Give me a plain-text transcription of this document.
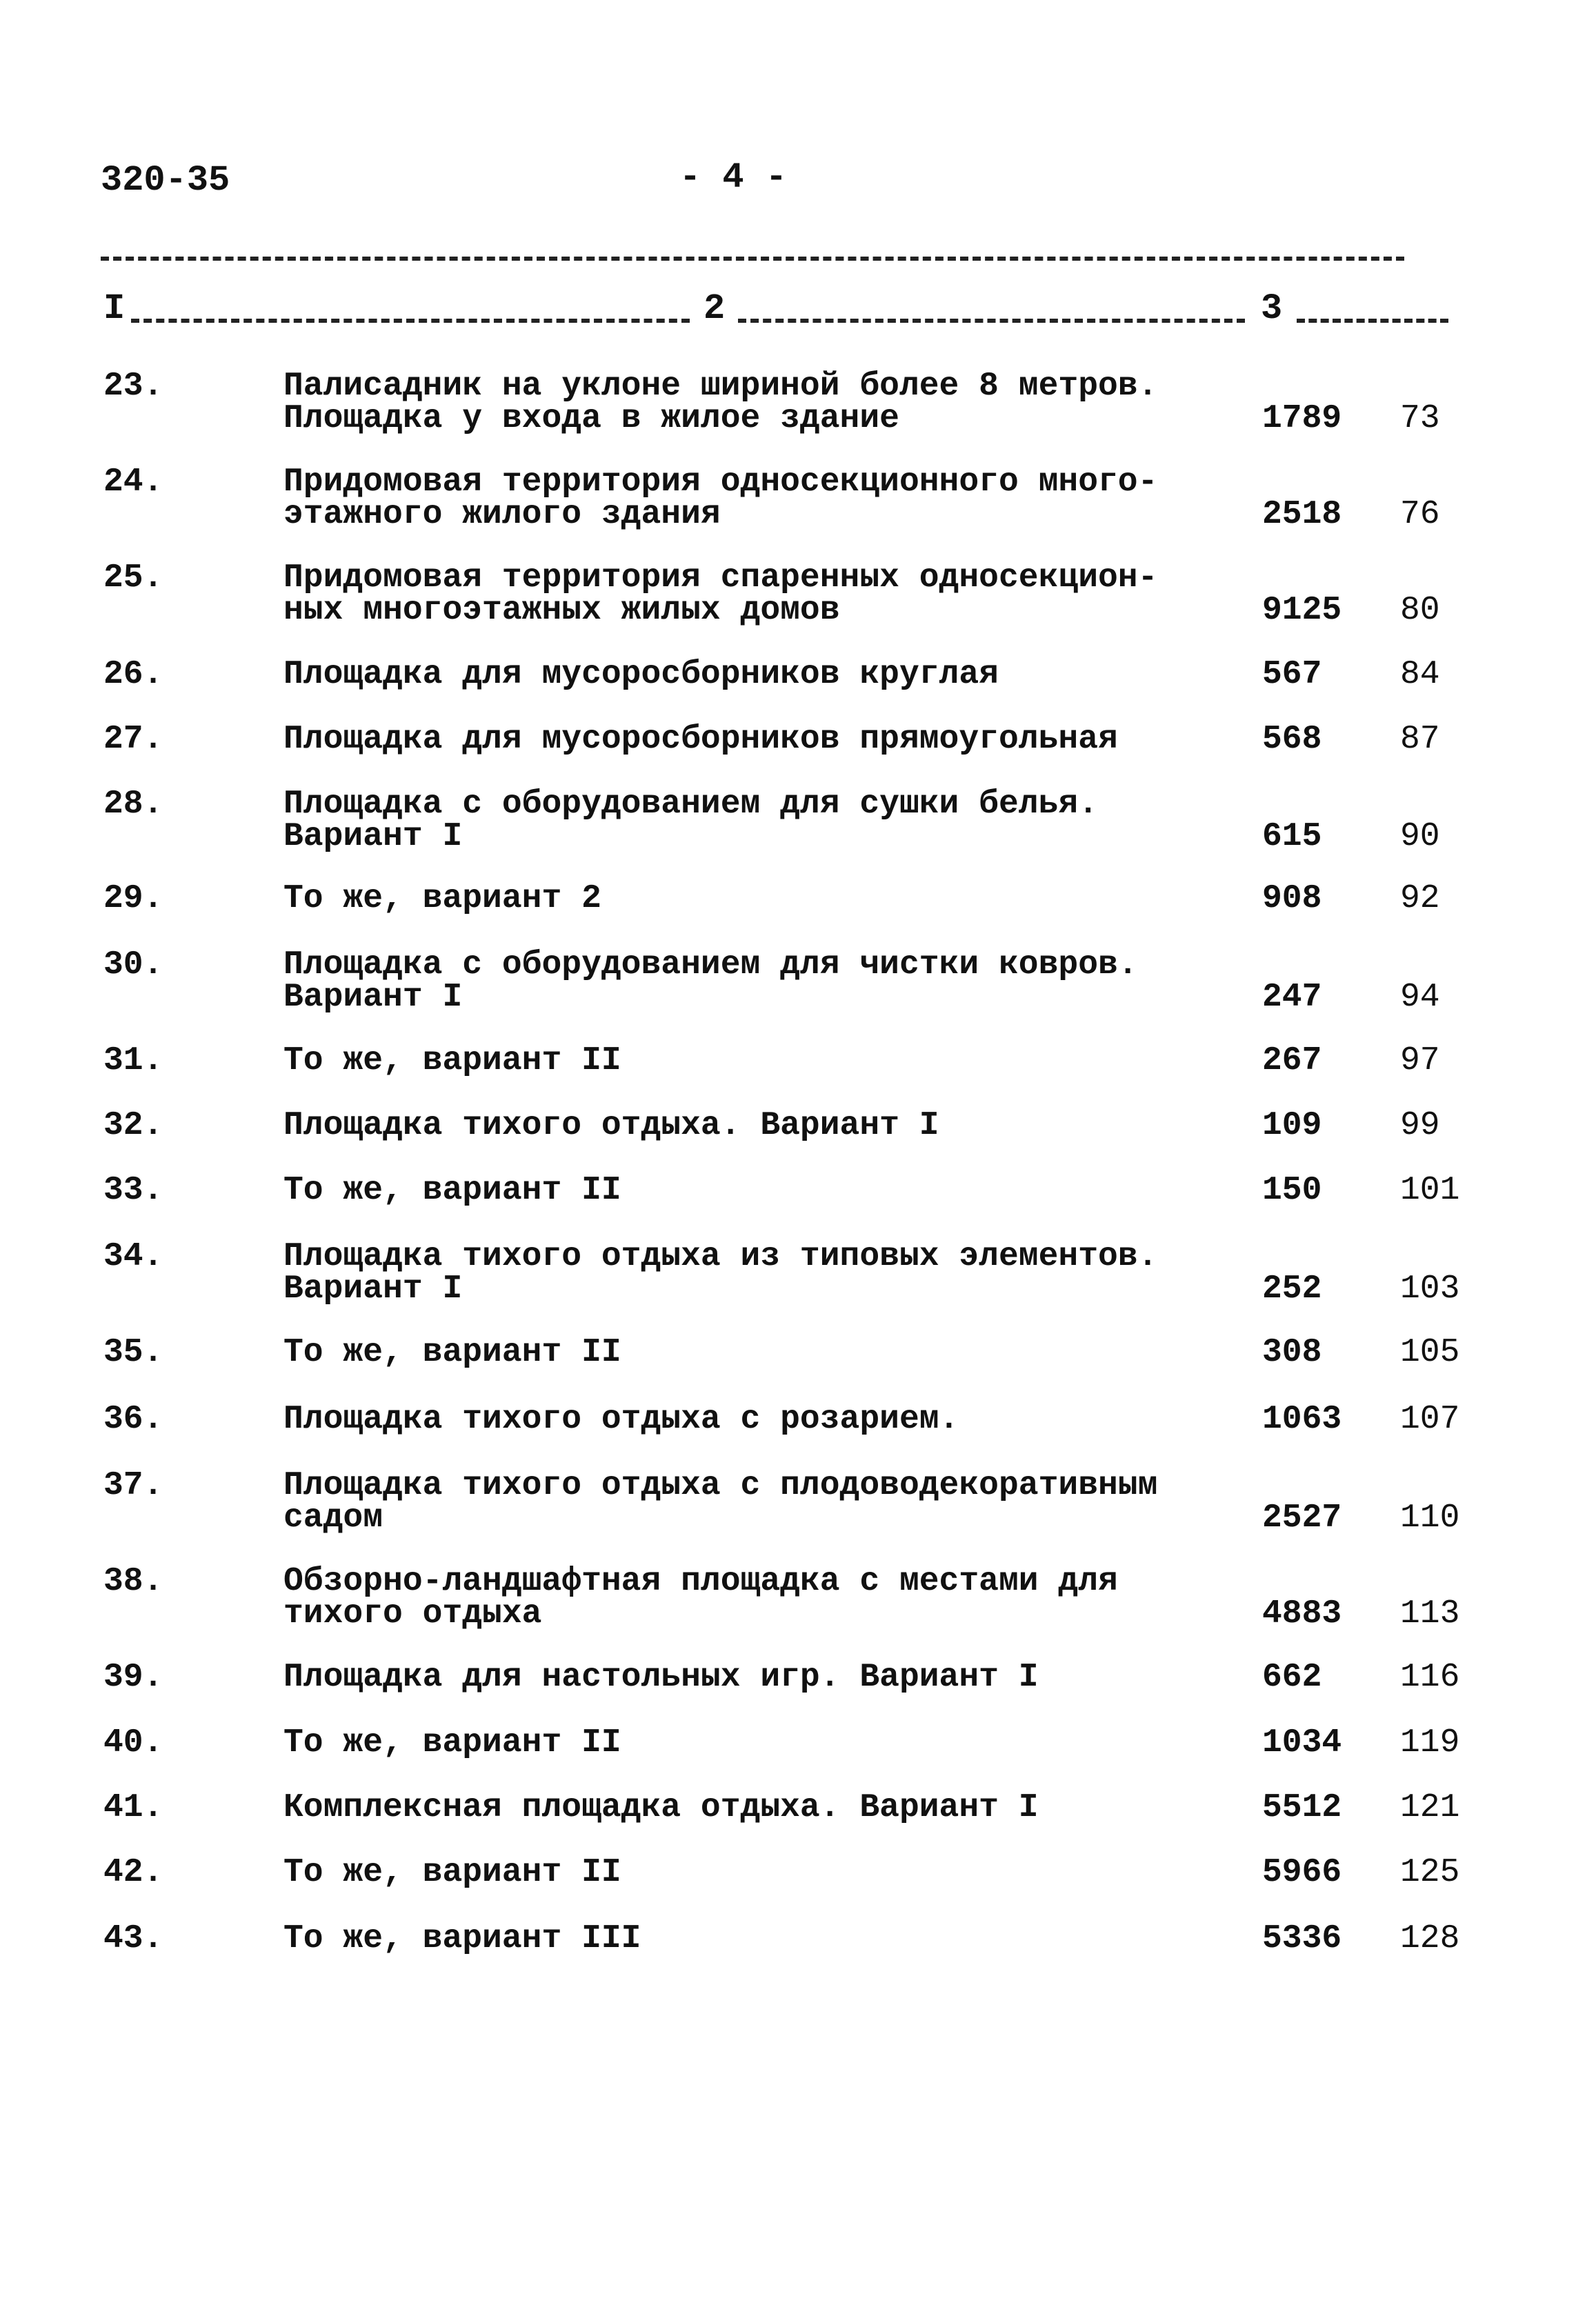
320-35	- 4 -
I	2	3
23.	Палисадник на уклоне шириной более 8 метров.
Площадка у входа в жилое здание	1789 73
24.	Придомовая территория односекционного много-
этажного жилого здания	2518 76
25.	Придомовая территория спаренных односекцион-
ных многоэтажных жилых домов	9125 80
26.	Площадка для мусоросборников круглая	567 84
27.	Площадка для мусоросборников прямоугольная	568 87
28.	Площадка с оборудованием для сушки белья.
Вариант I	615 90
29.	То же, вариант 2	908 92
30.	Площадка с оборудованием для чистки ковров.
Вариант I	247 94
31.	То же, вариант II	267 97
32.	Площадка тихого отдыха. Вариант I	109 99
33.	То же, вариант II	150 101
34.	Площадка тихого отдыха из типовых элементов.
Вариант I	252 103
35.	То же, вариант II	308 105
36.	Площадка тихого отдыха с розарием.	1063 107
37.	Площадка тихого отдыха с плодоводекоративным
садом	2527 110
38.	Обзорно-ландшафтная площадка с местами для
тихого отдыха	4883 113
39.	Площадка для настольных игр. Вариант I	662 116
40.	То же, вариант II	1034 119
41.	Комплексная площадка отдыха. Вариант I	5512 121
42.	То же, вариант II	5966 125
43.	То же, вариант III	5336 128
